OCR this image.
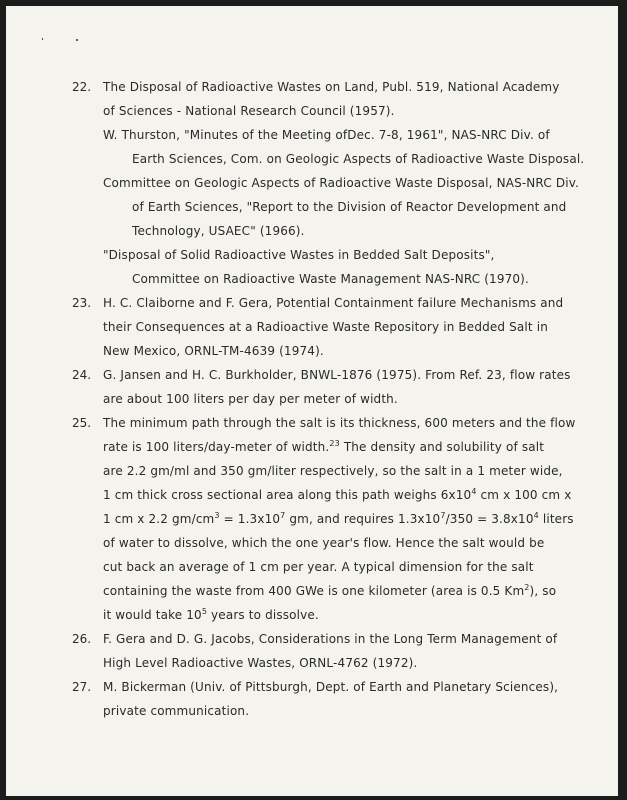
22. The Disposal of Radioactive Wastes on Land, Publ. 519, National Academy
of Sciences - National Research Council (1957).
W. Thurston, "Minutes of the Meeting ofDec. 7-8, 1961", NAS-NRC Div. of
Earth Sciences, Com. on Geologic Aspects of Radioactive Waste Disposal.
Committee on Geologic Aspects of Radioactive Waste Disposal, NAS-NRC Div.
of Earth Sciences, "Report to the Division of Reactor Development and
Technology, USAEC" (1966).
"Disposal of Solid Radioactive Wastes in Bedded Salt Deposits",
Committee on Radioactive Waste Management NAS-NRC (1970).
23. H. C. Claiborne and F. Gera, Potential Containment failure Mechanisms and
their Consequences at a Radioactive Waste Repository in Bedded Salt in
New Mexico, ORNL-TM-4639 (1974).
24. G. Jansen and H. C. Burkholder, BNWL-1876 (1975). From Ref. 23, flow rates
are about 100 liters per day per meter of width.
25. The minimum path through the salt is its thickness, 600 meters and the flow
rate is 100 liters/day-meter of width.$^{23}$ The density and solubility of salt
are 2.2 gm/ml and 350 gm/liter respectively, so the salt in a 1 meter wide,
1 cm thick cross sectional area along this path weighs $6x10^4$ cm x 100 cm x
1 cm x 2.2 $gm/cm^3 = 1.3x10^7$ gm, and requires $1.3x10^7/350 = 3.8x10^4$ liters
of water to dissolve, which the one year's flow. Hence the salt would be
cut back an average of 1 cm per year. A typical dimension for the salt
containing the waste from 400 GWe is one kilometer (area is 0.5 Km$^2$), so
it would take $10^5$ years to dissolve.
26. F. Gera and D. G. Jacobs, Considerations in the Long Term Management of
High Level Radioactive Wastes, ORNL-4762 (1972).
27. M. Bickerman (Univ. of Pittsburgh, Dept. of Earth and Planetary Sciences),
private communication.
